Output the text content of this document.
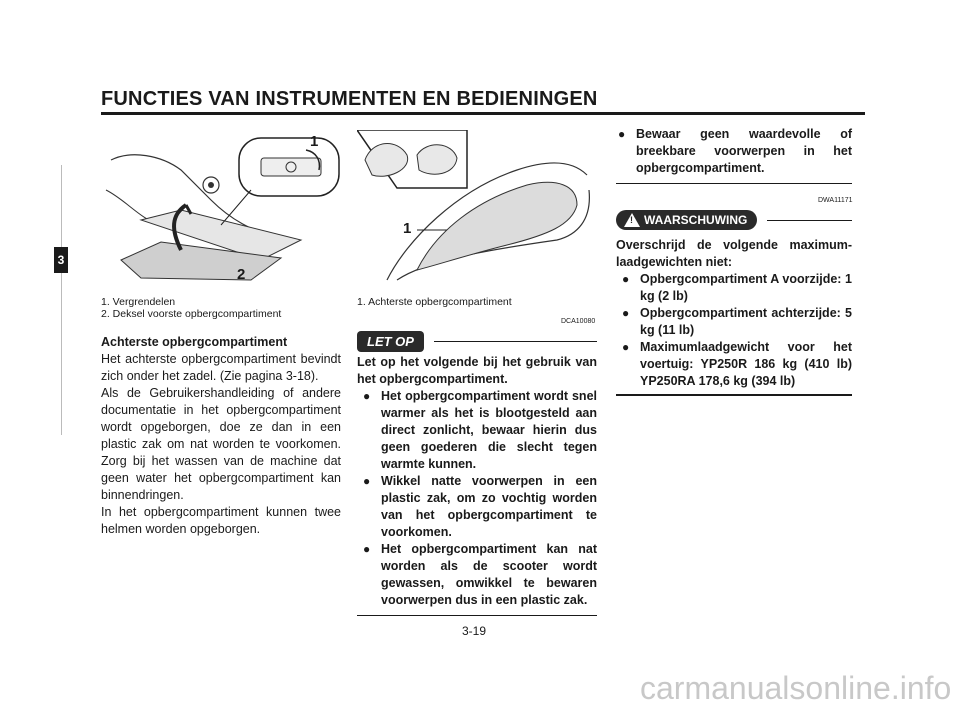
FUNCTIES VAN INSTRUMENTEN EN BEDIENINGEN
3
1
2
1
1. Vergrendelen
2. Deksel voorste opbergcompartiment
1. Achterste opbergcompartiment
Achterste opbergcompartiment
Het achterste opbergcompartiment bevindt zich onder het zadel. (Zie pagina 3-18).
Als de Gebruikershandleiding of andere documentatie in het opbergcompartiment wordt opgeborgen, doe ze dan in een plastic zak om nat worden te voorkomen. Zorg bij het wassen van de machine dat geen water het opbergcompartiment kan binnendringen.
In het opbergcompartiment kunnen twee helmen worden opgeborgen.
DCA10080
LET OP
Let op het volgende bij het gebruik van het opbergcompartiment.
● Het opbergcompartiment wordt snel warmer als het is blootgesteld aan direct zonlicht, bewaar hierin dus geen goederen die slecht tegen warmte kunnen.
● Wikkel natte voorwerpen in een plastic zak, om zo vochtig worden van het opbergcompartiment te voorkomen.
● Het opbergcompartiment kan nat worden als de scooter wordt gewassen, omwikkel te bewaren voorwerpen dus in een plastic zak.
● Bewaar geen waardevolle of breekbare voorwerpen in het opbergcompartiment.
DWA11171
!
WAARSCHUWING
Overschrijd de volgende maximum-laadgewichten niet:
● Opbergcompartiment A voorzijde: 1 kg (2 lb)
● Opbergcompartiment achterzijde: 5 kg (11 lb)
● Maximumlaadgewicht voor het voertuig: YP250R 186 kg (410 lb) YP250RA 178,6 kg (394 lb)
3-19
carmanualsonline.info
